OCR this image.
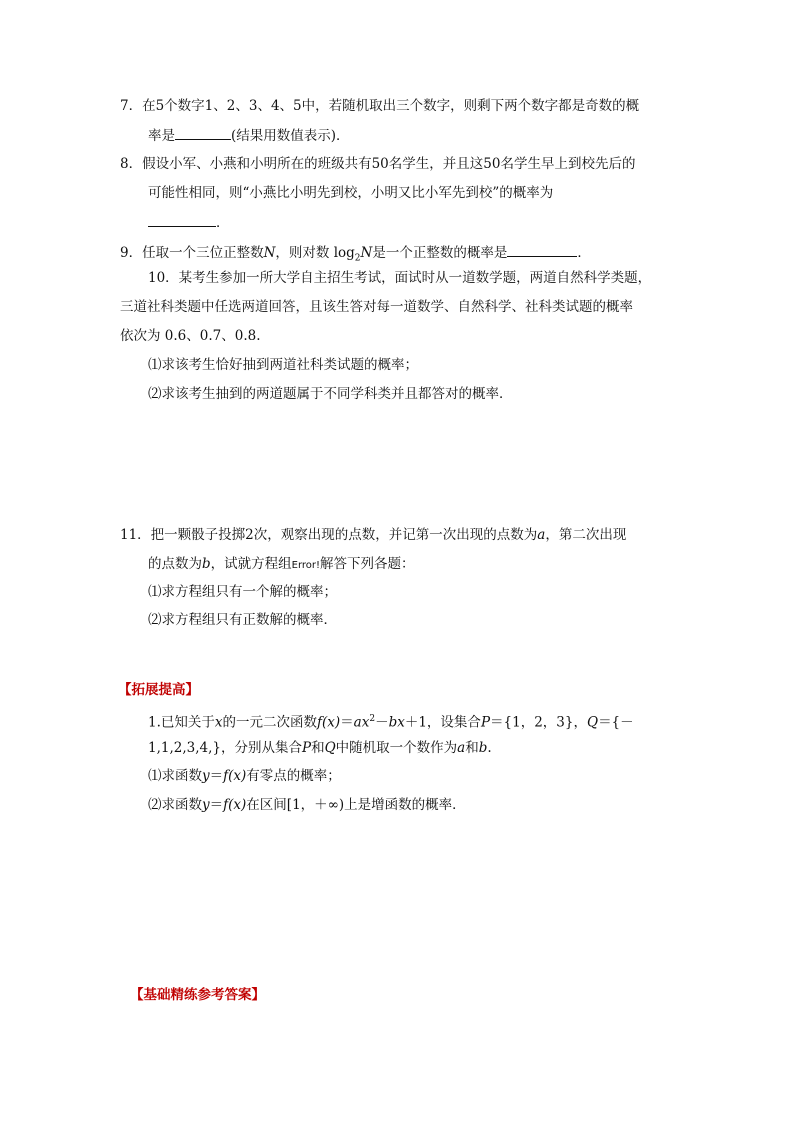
7．在5个数字1、2、3、4、5中，若随机取出三个数字，则剩下两个数字都是奇数的概
率是	(结果用数值表示)．
8．假设小军、小燕和小明所在的班级共有50名学生，并且这50名学生早上到校先后的
可能性相同，则“小燕比小明先到校，小明又比小军先到校”的概率为
．
9．任取一个三位正整数N，则对数 $\log_2N$是一个正整数的概率是	．
10．某考生参加一所大学自主招生考试，面试时从一道数学题，两道自然科学类题，
三道社科类题中任选两道回答，且该生答对每一道数学、自然科学、社科类试题的概率
依次为 0.6、0.7、0.8.
⑴求该考生恰好抽到两道社科类试题的概率；
⑵求该考生抽到的两道题属于不同学科类并且都答对的概率．
11．把一颗骰子投掷2次，观察出现的点数，并记第一次出现的点数为a，第二次出现
的点数为b，试就方程组Error!解答下列各题：
⑴求方程组只有一个解的概率；
⑵求方程组只有正数解的概率．
【拓展提高】
1.已知关于x的一元二次函数$f(x)=ax^2-bx+1$，设集合P＝{1，2，3}，Q＝{－
1,1,2,3,4,}，分别从集合P和Q中随机取一个数作为a和b.
⑴求函数y＝f(x)有零点的概率；
⑵求函数y＝f(x)在区间[1，＋∞)上是增函数的概率．
【基础精练参考答案】
